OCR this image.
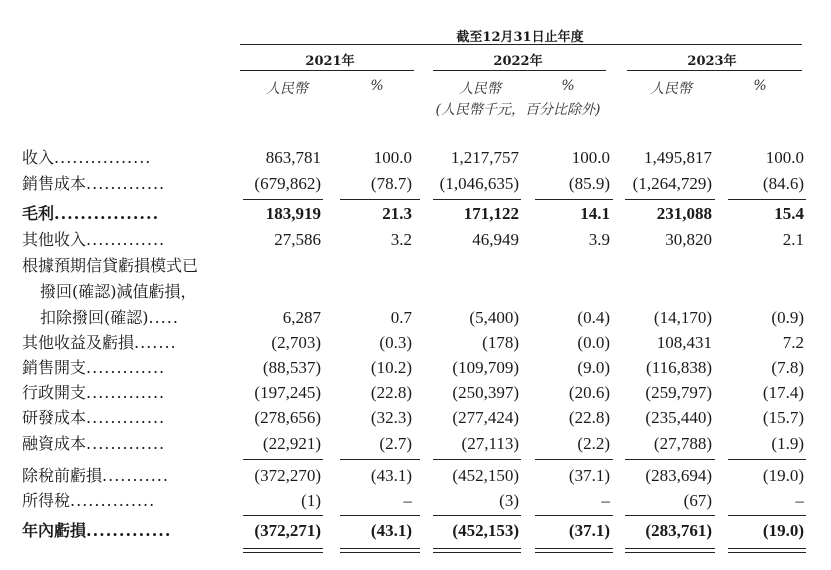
截至12月31日止年度
2021年	2022年	2023年
人民幣	%	人民幣	%	人民幣	%
(人民幣千元，百分比除外)
收入................	863,781	100.0 1,217,757	100.0 1,495,817	100.0
銷售成本.............	(679,862)	(78.7) (1,046,635)	(85.9) (1,264,729)	(84.6)
毛利................	183,919	21.3	171,122	14.1	231,088	15.4
其他收入.............	27,586	3.2	46,949	3.9	30,820	2.1
根據預期信貸虧損模式已
撥回(確認)減值虧損，
扣除撥回(確認).....	6,287	0.7	(5,400)	(0.4)	(14,170)	(0.9)
其他收益及虧損.......	(2,703)	(0.3)	(178)	(0.0)	108,431	7.2
銷售開支.............	(88,537)	(10.2) (109,709)	(9.0) (116,838)	(7.8)
行政開支.............	(197,245)	(22.8) (250,397)	(20.6) (259,797)	(17.4)
研發成本.............	(278,656)	(32.3) (277,424)	(22.8) (235,440)	(15.7)
融資成本.............	(22,921)	(2.7)	(27,113)	(2.2)	(27,788)	(1.9)
除稅前虧損...........	(372,270)	(43.1) (452,150)	(37.1) (283,694)	(19.0)
所得稅..............	(1)	–	(3)	–	(67)	–
年內虧損.............	(372,271)	(43.1) (452,153)	(37.1) (283,761)	(19.0)
